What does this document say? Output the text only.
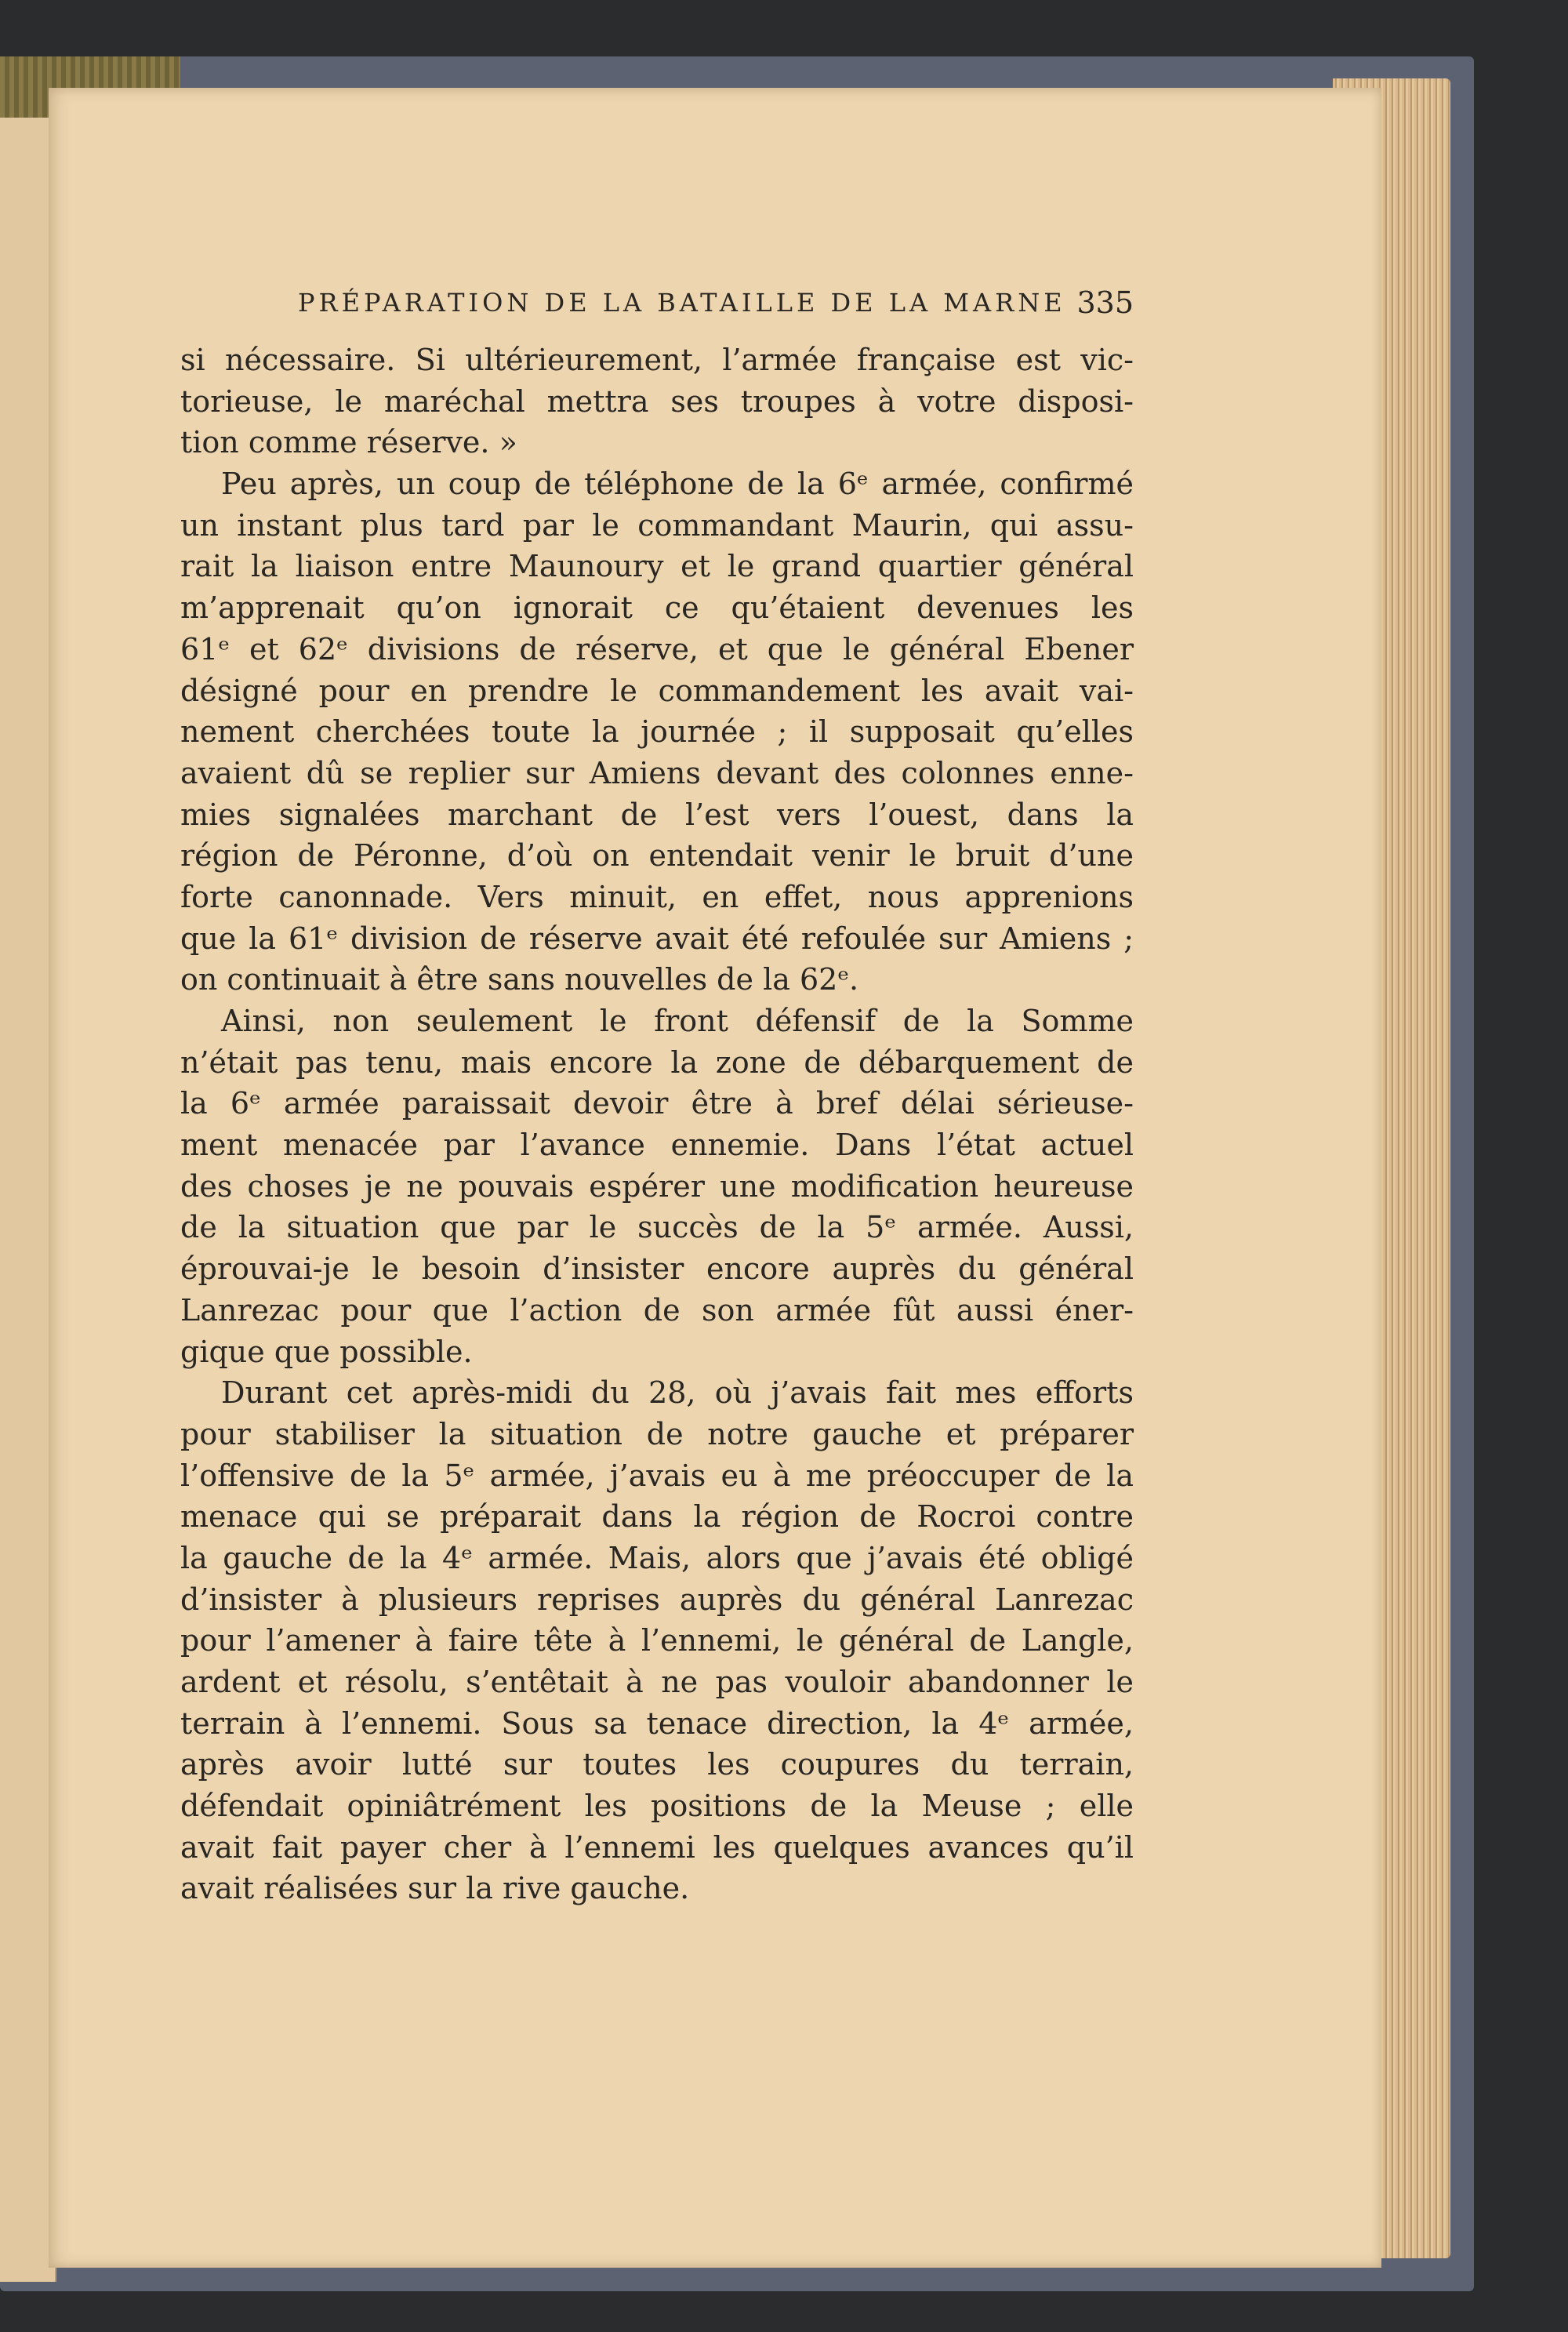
PRÉPARATION DE LA BATAILLE DE LA MARNE 335
si nécessaire. Si ultérieurement, l’armée française est vic-
torieuse, le maréchal mettra ses troupes à votre disposi-
tion comme réserve. »
Peu après, un coup de téléphone de la 6ᵉ armée, confirmé
un instant plus tard par le commandant Maurin, qui assu-
rait la liaison entre Maunoury et le grand quartier général
m’apprenait qu’on ignorait ce qu’étaient devenues les
61ᵉ et 62ᵉ divisions de réserve, et que le général Ebener
désigné pour en prendre le commandement les avait vai-
nement cherchées toute la journée ; il supposait qu’elles
avaient dû se replier sur Amiens devant des colonnes enne-
mies signalées marchant de l’est vers l’ouest, dans la
région de Péronne, d’où on entendait venir le bruit d’une
forte canonnade. Vers minuit, en effet, nous apprenions
que la 61ᵉ division de réserve avait été refoulée sur Amiens ;
on continuait à être sans nouvelles de la 62ᵉ.
Ainsi, non seulement le front défensif de la Somme
n’était pas tenu, mais encore la zone de débarquement de
la 6ᵉ armée paraissait devoir être à bref délai sérieuse-
ment menacée par l’avance ennemie. Dans l’état actuel
des choses je ne pouvais espérer une modification heureuse
de la situation que par le succès de la 5ᵉ armée. Aussi,
éprouvai-je le besoin d’insister encore auprès du général
Lanrezac pour que l’action de son armée fût aussi éner-
gique que possible.
Durant cet après-midi du 28, où j’avais fait mes efforts
pour stabiliser la situation de notre gauche et préparer
l’offensive de la 5ᵉ armée, j’avais eu à me préoccuper de la
menace qui se préparait dans la région de Rocroi contre
la gauche de la 4ᵉ armée. Mais, alors que j’avais été obligé
d’insister à plusieurs reprises auprès du général Lanrezac
pour l’amener à faire tête à l’ennemi, le général de Langle,
ardent et résolu, s’entêtait à ne pas vouloir abandonner le
terrain à l’ennemi. Sous sa tenace direction, la 4ᵉ armée,
après avoir lutté sur toutes les coupures du terrain,
défendait opiniâtrément les positions de la Meuse ; elle
avait fait payer cher à l’ennemi les quelques avances qu’il
avait réalisées sur la rive gauche.
